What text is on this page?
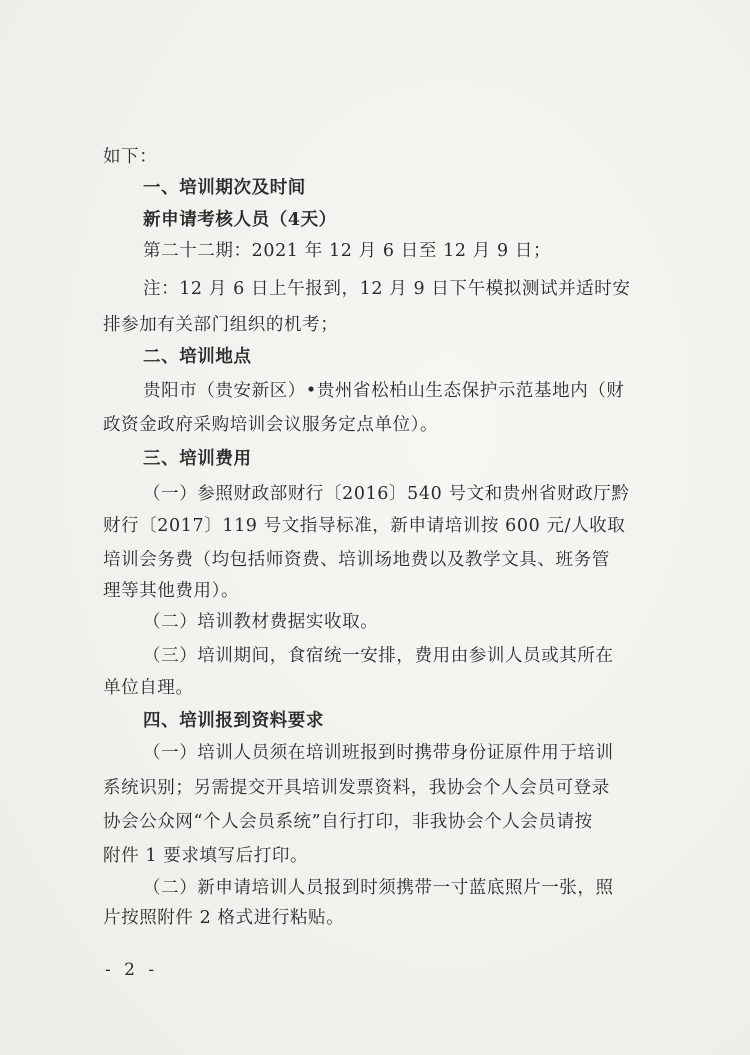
如下：
一、培训期次及时间
新申请考核人员（4天）
第二十二期：2021 年 12 月 6 日至 12 月 9 日；
注：12 月 6 日上午报到，12 月 9 日下午模拟测试并适时安
排参加有关部门组织的机考；
二、培训地点
贵阳市（贵安新区）•贵州省松柏山生态保护示范基地内（财
政资金政府采购培训会议服务定点单位）。
三、培训费用
（一）参照财政部财行〔2016〕540 号文和贵州省财政厅黔
财行〔2017〕119 号文指导标准，新申请培训按 600 元/人收取
培训会务费（均包括师资费、培训场地费以及教学文具、班务管
理等其他费用）。
（二）培训教材费据实收取。
（三）培训期间，食宿统一安排，费用由参训人员或其所在
单位自理。
四、培训报到资料要求
（一）培训人员须在培训班报到时携带身份证原件用于培训
系统识别；另需提交开具培训发票资料，我协会个人会员可登录
协会公众网“个人会员系统”自行打印，非我协会个人会员请按
附件 1 要求填写后打印。
（二）新申请培训人员报到时须携带一寸蓝底照片一张，照
片按照附件 2 格式进行粘贴。
- 2 -
